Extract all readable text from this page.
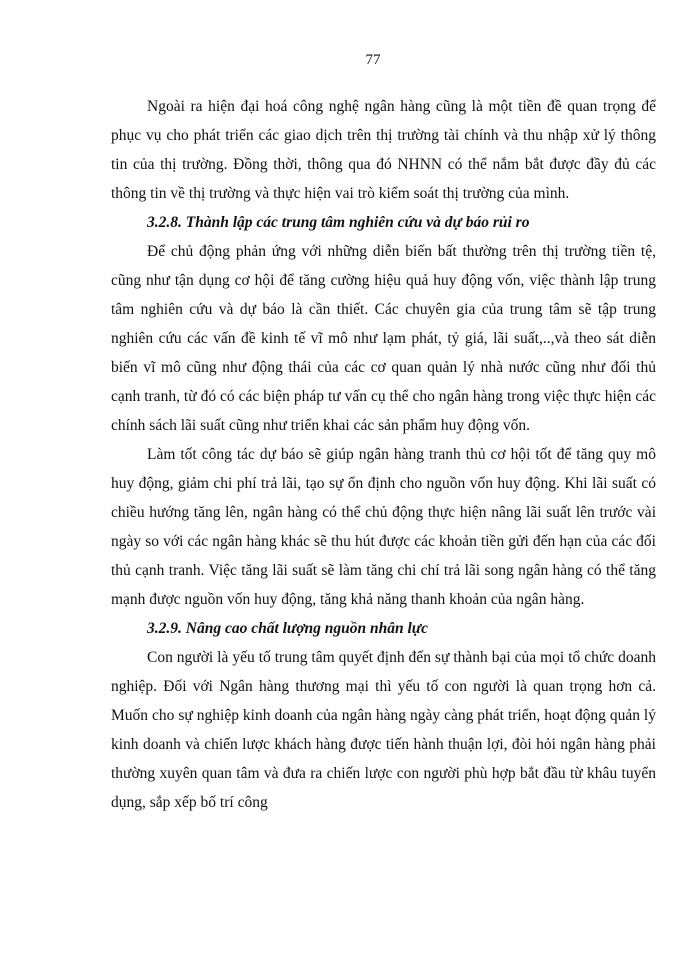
77

Ngoài ra hiện đại hoá công nghệ ngân hàng cũng là một tiền đề quan trọng để phục vụ cho phát triển các giao dịch trên thị trường tài chính và thu nhập xử lý thông tin của thị trường. Đồng thời, thông qua đó NHNN có thể nắm bắt được đầy đủ các thông tin về thị trường và thực hiện vai trò kiểm soát thị trường của mình.

3.2.8. Thành lập các trung tâm nghiên cứu và dự báo rủi ro

Để chủ động phản ứng với những diễn biến bất thường trên thị trường tiền tệ, cũng như tận dụng cơ hội để tăng cường hiệu quả huy động vốn, việc thành lập trung tâm nghiên cứu và dự báo là cần thiết. Các chuyên gia của trung tâm sẽ tập trung nghiên cứu các vấn đề kinh tế vĩ mô như lạm phát, tỷ giá, lãi suất,..,và theo sát diễn biến vĩ mô cũng như động thái của các cơ quan quản lý nhà nước cũng như đối thủ cạnh tranh, từ đó có các biện pháp tư vấn cụ thể cho ngân hàng trong việc thực hiện các chính sách lãi suất cũng như triển khai các sản phẩm huy động vốn.

Làm tốt công tác dự báo sẽ giúp ngân hàng tranh thủ cơ hội tốt để tăng quy mô huy động, giảm chi phí trả lãi, tạo sự ổn định cho nguồn vốn huy động. Khi lãi suất có chiều hướng tăng lên, ngân hàng có thể chủ động thực hiện nâng lãi suất lên trước vài ngày so với các ngân hàng khác sẽ thu hút được các khoản tiền gửi đến hạn của các đối thủ cạnh tranh. Việc tăng lãi suất sẽ làm tăng chi chí trả lãi song ngân hàng có thể tăng mạnh được nguồn vốn huy động, tăng khả năng thanh khoản của ngân hàng.

3.2.9. Nâng cao chất lượng nguồn nhân lực

Con người là yếu tố trung tâm quyết định đến sự thành bại của mọi tổ chức doanh nghiệp. Đối với Ngân hàng thương mại thì yếu tố con người là quan trọng hơn cả. Muốn cho sự nghiệp kinh doanh của ngân hàng ngày càng phát triển, hoạt động quản lý kinh doanh và chiến lược khách hàng được tiến hành thuận lợi, đòi hỏi ngân hàng phải thường xuyên quan tâm và đưa ra chiến lược con người phù hợp bắt đầu từ khâu tuyển dụng, sắp xếp bố trí công
